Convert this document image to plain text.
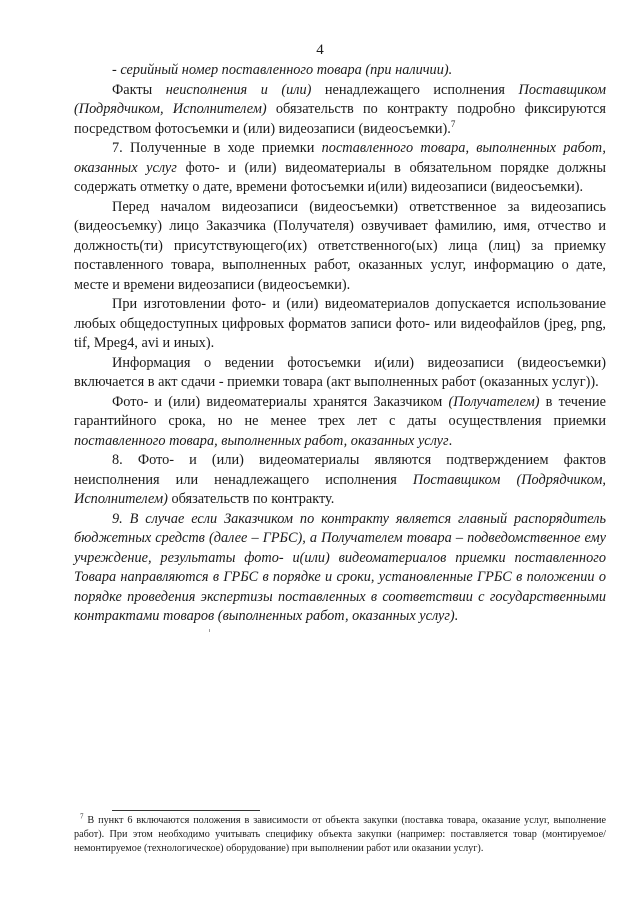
4

- серийный номер поставленного товара (при наличии).

Факты неисполнения и (или) ненадлежащего исполнения Поставщиком (Подрядчиком, Исполнителем) обязательств по контракту подробно фиксируются посредством фотосъемки и (или) видеозаписи (видеосъемки).$^7$

7. Полученные в ходе приемки поставленного товара, выполненных работ, оказанных услуг фото- и (или) видеоматериалы в обязательном порядке должны содержать отметку о дате, времени фотосъемки и(или) видеозаписи (видеосъемки).

Перед началом видеозаписи (видеосъемки) ответственное за видеозапись (видеосъемку) лицо Заказчика (Получателя) озвучивает фамилию, имя, отчество и должность(ти) присутствующего(их) ответственного(ых) лица (лиц) за приемку поставленного товара, выполненных работ, оказанных услуг, информацию о дате, месте и времени видеозаписи (видеосъемки).

При изготовлении фото- и (или) видеоматериалов допускается использование любых общедоступных цифровых форматов записи фото- или видеофайлов (jpeg, png, tif, Mpeg4, avi и иных).

Информация о ведении фотосъемки и(или) видеозаписи (видеосъемки) включается в акт сдачи - приемки товара (акт выполненных работ (оказанных услуг)).

Фото- и (или) видеоматериалы хранятся Заказчиком (Получателем) в течение гарантийного срока, но не менее трех лет с даты осуществления приемки поставленного товара, выполненных работ, оказанных услуг.

8. Фото- и (или) видеоматериалы являются подтверждением фактов неисполнения или ненадлежащего исполнения Поставщиком (Подрядчиком, Исполнителем) обязательств по контракту.

9. В случае если Заказчиком по контракту является главный распорядитель бюджетных средств (далее – ГРБС), а Получателем товара – подведомственное ему учреждение, результаты фото- и(или) видеоматериалов приемки поставленного Товара направляются в ГРБС в порядке и сроки, установленные ГРБС в положении о порядке проведения экспертизы поставленных в соответствии с государственными контрактами товаров (выполненных работ, оказанных услуг).

$^7$ В пункт 6 включаются положения в зависимости от объекта закупки (поставка товара, оказание услуг, выполнение работ). При этом необходимо учитывать специфику объекта закупки (например: поставляется товар (монтируемое/немонтируемое (технологическое) оборудование) при выполнении работ или оказании услуг).
